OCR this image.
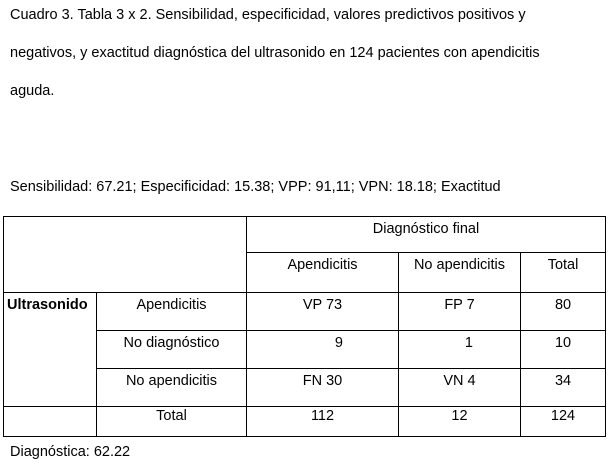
Cuadro 3. Tabla 3 x 2. Sensibilidad, especificidad, valores predictivos positivos y
negativos, y exactitud diagnóstica del ultrasonido en 124 pacientes con apendicitis
aguda.
Sensibilidad: 67.21; Especificidad: 15.38; VPP: 91,11; VPN: 18.18; Exactitud
		Diagnóstico final		
		Apendicitis	No apendicitis	Total
Ultrasonido	Apendicitis	VP 73	FP 7	80
	No diagnóstico	9	1	10
	No apendicitis	FN 30	VN 4	34
	Total	112	12	124
Diagnóstica: 62.22
